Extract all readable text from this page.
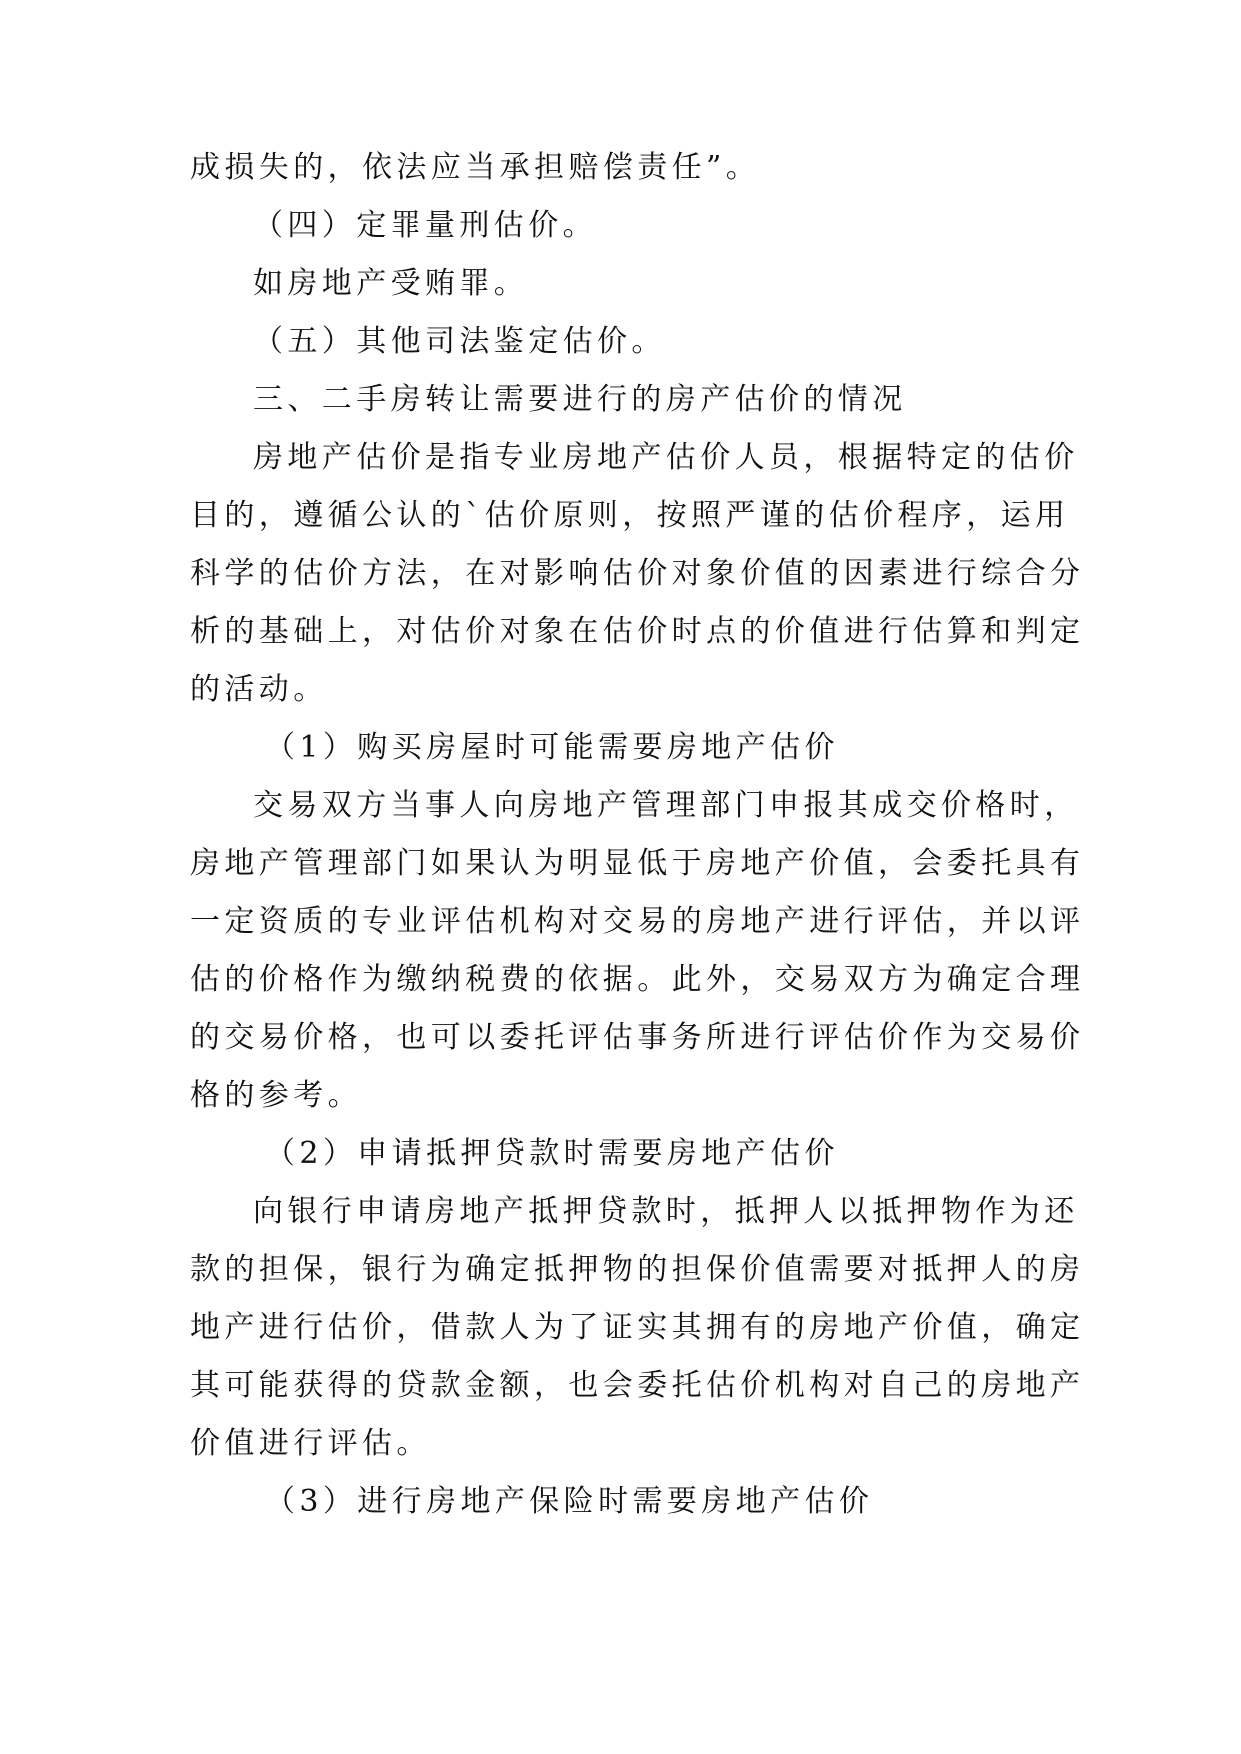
成损失的，依法应当承担赔偿责任”。

（四）定罪量刑估价。

如房地产受贿罪。

（五）其他司法鉴定估价。

三、二手房转让需要进行的房产估价的情况

房地产估价是指专业房地产估价人员，根据特定的估价

目的，遵循公认的`估价原则，按照严谨的估价程序，运用

科学的估价方法，在对影响估价对象价值的因素进行综合分

析的基础上，对估价对象在估价时点的价值进行估算和判定

的活动。

（1）购买房屋时可能需要房地产估价

交易双方当事人向房地产管理部门申报其成交价格时，

房地产管理部门如果认为明显低于房地产价值，会委托具有

一定资质的专业评估机构对交易的房地产进行评估，并以评

估的价格作为缴纳税费的依据。此外，交易双方为确定合理

的交易价格，也可以委托评估事务所进行评估价作为交易价

格的参考。

（2）申请抵押贷款时需要房地产估价

向银行申请房地产抵押贷款时，抵押人以抵押物作为还

款的担保，银行为确定抵押物的担保价值需要对抵押人的房

地产进行估价，借款人为了证实其拥有的房地产价值，确定

其可能获得的贷款金额，也会委托估价机构对自己的房地产

价值进行评估。

（3）进行房地产保险时需要房地产估价
